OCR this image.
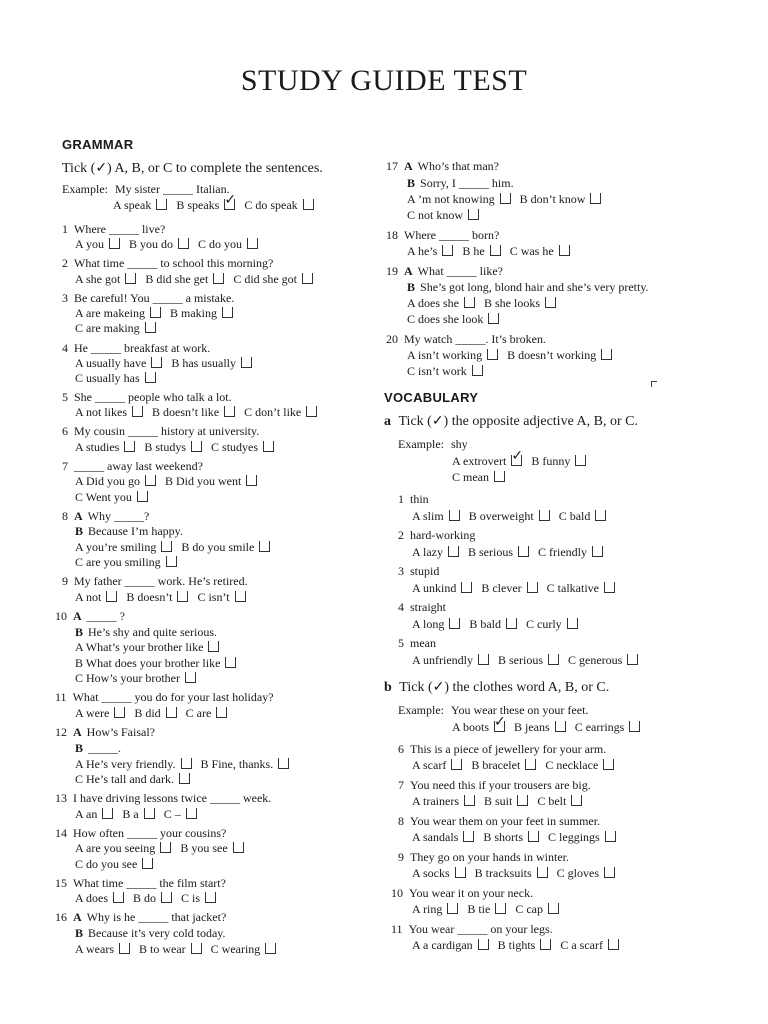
STUDY GUIDE TEST
GRAMMAR
Tick (✓) A, B, or C to complete the sentences.
Example: My sister _____ Italian.
A speak B speaks ✓ C do speak
VOCABULARY
a Tick (✓) the opposite adjective A, B, or C.
Example: shy
A extrovert ✓ B funny
C mean
b Tick (✓) the clothes word A, B, or C.
Example: You wear these on your feet.
A boots ✓ B jeans C earrings
1 Where _____ live?
A you B you do C do you
2 What time _____ to school this morning?
A she got B did she get C did she got
3 Be careful! You _____ a mistake.
A are makeing B making
C are making
4 He _____ breakfast at work.
A usually have B has usually
C usually has
5 She _____ people who talk a lot.
A not likes B doesn’t like C don’t like
6 My cousin _____ history at university.
A studies B studys C studyes
7 _____ away last weekend?
A Did you go B Did you went
C Went you
8 A Why _____?
B Because I’m happy.
A you’re smiling B do you smile
C are you smiling
9 My father _____ work. He’s retired.
A not B doesn’t C isn’t
10 A _____ ?
B He’s shy and quite serious.
A What’s your brother like
B What does your brother like
C How’s your brother
11 What _____ you do for your last holiday?
A were B did C are
12 A How’s Faisal?
B _____.
A He’s very friendly. B Fine, thanks.
C He’s tall and dark.
13 I have driving lessons twice _____ week.
A an B a C –
14 How often _____ your cousins?
A are you seeing B you see
C do you see
15 What time _____ the film start?
A does B do C is
16 A Why is he _____ that jacket?
B Because it’s very cold today.
A wears B to wear C wearing
17 A Who’s that man?
B Sorry, I _____ him.
A ’m not knowing B don’t know
C not know
18 Where _____ born?
A he’s B he C was he
19 A What _____ like?
B She’s got long, blond hair and she’s very pretty.
A does she B she looks
C does she look
20 My watch _____. It’s broken.
A isn’t working B doesn’t working
C isn’t work
1 thin
A slim B overweight C bald
2 hard-working
A lazy B serious C friendly
3 stupid
A unkind B clever C talkative
4 straight
A long B bald C curly
5 mean
A unfriendly B serious C generous
6 This is a piece of jewellery for your arm.
A scarf B bracelet C necklace
7 You need this if your trousers are big.
A trainers B suit C belt
8 You wear them on your feet in summer.
A sandals B shorts C leggings
9 They go on your hands in winter.
A socks B tracksuits C gloves
10 You wear it on your neck.
A ring B tie C cap
11 You wear _____ on your legs.
A a cardigan B tights C a scarf
